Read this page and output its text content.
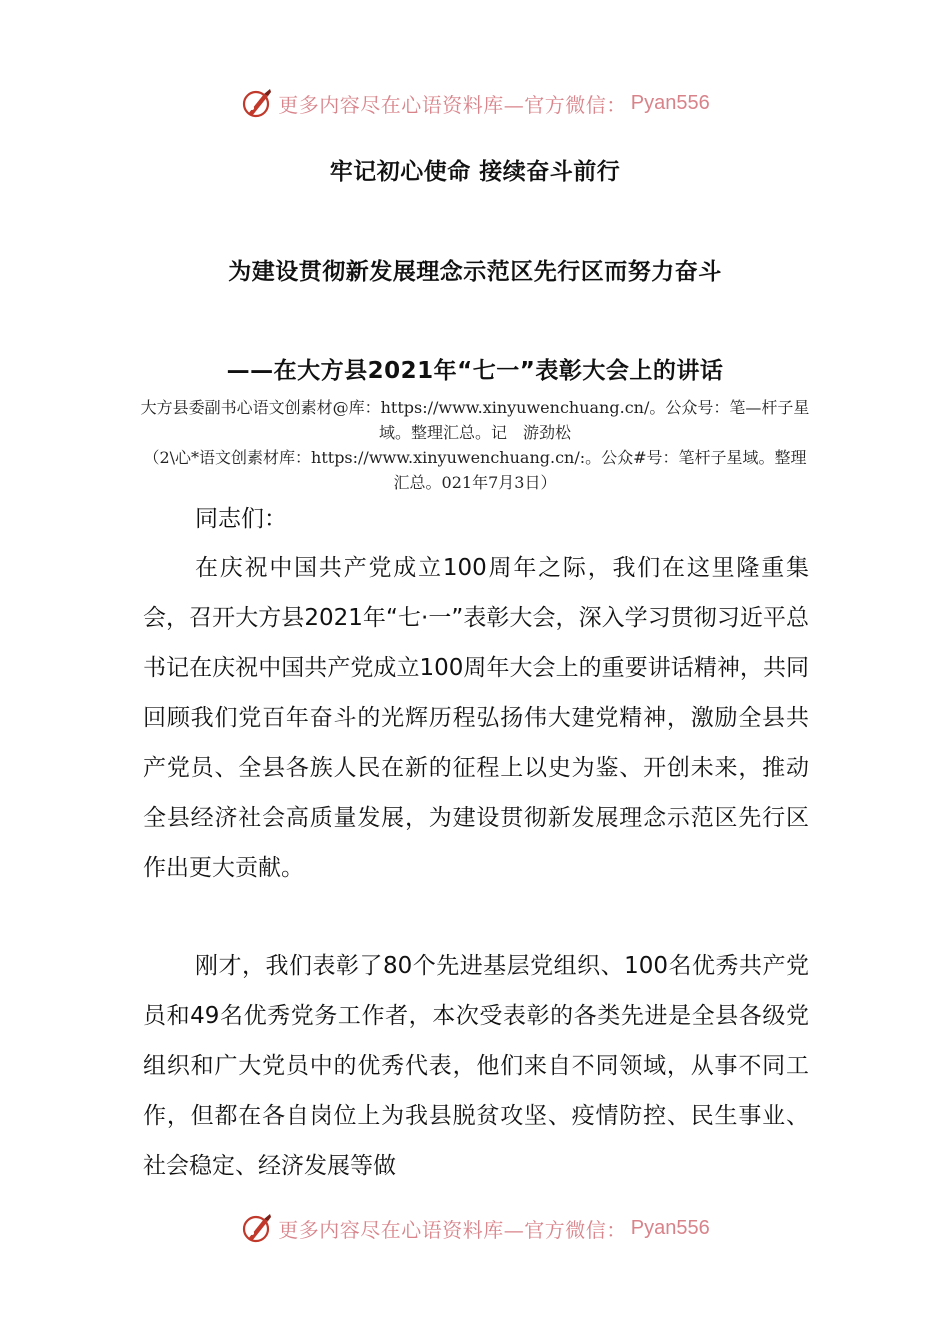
更多内容尽在心语资料库—官方微信： Pyan556
牢记初心使命 接续奋斗前行
为建设贯彻新发展理念示范区先行区而努力奋斗
——在大方县2021年“七一”表彰大会上的讲话
大方县委副书心语文创素材@库：https://www.xinyuwenchuang.cn/。公众号：笔—杆子星域。整理汇总。记　游劲松
（2\心*语文创素材库：https://www.xinyuwenchuang.cn/:。公众#号：笔杆子星域。整理汇总。021年7月3日）
同志们：

在庆祝中国共产党成立100周年之际，我们在这里隆重集会，召开大方县2021年“七·一”表彰大会，深入学习贯彻习近平总书记在庆祝中国共产党成立100周年大会上的重要讲话精神，共同回顾我们党百年奋斗的光辉历程弘扬伟大建党精神，激励全县共产党员、全县各族人民在新的征程上以史为鉴、开创未来，推动全县经济社会高质量发展，为建设贯彻新发展理念示范区先行区作出更大贡献。

刚才，我们表彰了80个先进基层党组织、100名优秀共产党员和49名优秀党务工作者，本次受表彰的各类先进是全县各级党组织和广大党员中的优秀代表，他们来自不同领域，从事不同工作，但都在各自岗位上为我县脱贫攻坚、疫情防控、民生事业、社会稳定、经济发展等做

更多内容尽在心语资料库—官方微信： Pyan556
